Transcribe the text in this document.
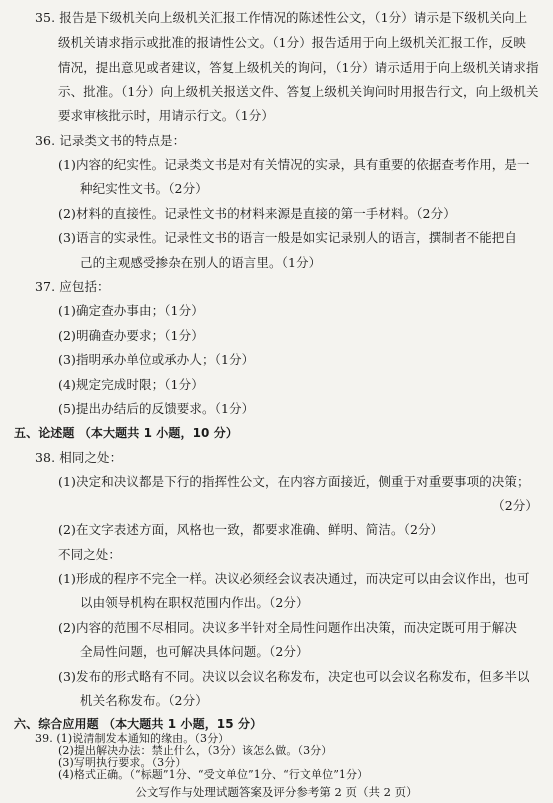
35. 报告是下级机关向上级机关汇报工作情况的陈述性公文，（1分）请示是下级机关向上
级机关请求指示或批准的报请性公文。（1分）报告适用于向上级机关汇报工作，反映
情况，提出意见或者建议，答复上级机关的询问，（1分）请示适用于向上级机关请求指
示、批准。（1分）向上级机关报送文件、答复上级机关询问时用报告行文，向上级机关
要求审核批示时，用请示行文。（1分）
36. 记录类文书的特点是：
(1)内容的纪实性。记录类文书是对有关情况的实录，具有重要的依据查考作用，是一
种纪实性文书。（2分）
(2)材料的直接性。记录性文书的材料来源是直接的第一手材料。（2分）
(3)语言的实录性。记录性文书的语言一般是如实记录别人的语言，撰制者不能把自
己的主观感受掺杂在别人的语言里。（1分）
37. 应包括：
(1)确定查办事由；（1分）
(2)明确查办要求；（1分）
(3)指明承办单位或承办人；（1分）
(4)规定完成时限；（1分）
(5)提出办结后的反馈要求。（1分）
五、论述题 （本大题共 1 小题，10 分）
38. 相同之处：
(1)决定和决议都是下行的指挥性公文，在内容方面接近，侧重于对重要事项的决策；
（2分）
(2)在文字表述方面，风格也一致，都要求准确、鲜明、简洁。（2分）
不同之处：
(1)形成的程序不完全一样。决议必须经会议表决通过，而决定可以由会议作出，也可
以由领导机构在职权范围内作出。（2分）
(2)内容的范围不尽相同。决议多半针对全局性问题作出决策，而决定既可用于解决
全局性问题，也可解决具体问题。（2分）
(3)发布的形式略有不同。决议以会议名称发布，决定也可以会议名称发布，但多半以
机关名称发布。（2分）
六、综合应用题 （本大题共 1 小题，15 分）
39. (1)说清制发本通知的缘由。（3分）
(2)提出解决办法：禁止什么，（3分）该怎么做。（3分）
公文写作与处理试题答案及评分参考第 2 页（共 2 页）
(3)写明执行要求。（3分）
(4)格式正确。（“标题”1分、“受文单位”1分、“行文单位”1分）
